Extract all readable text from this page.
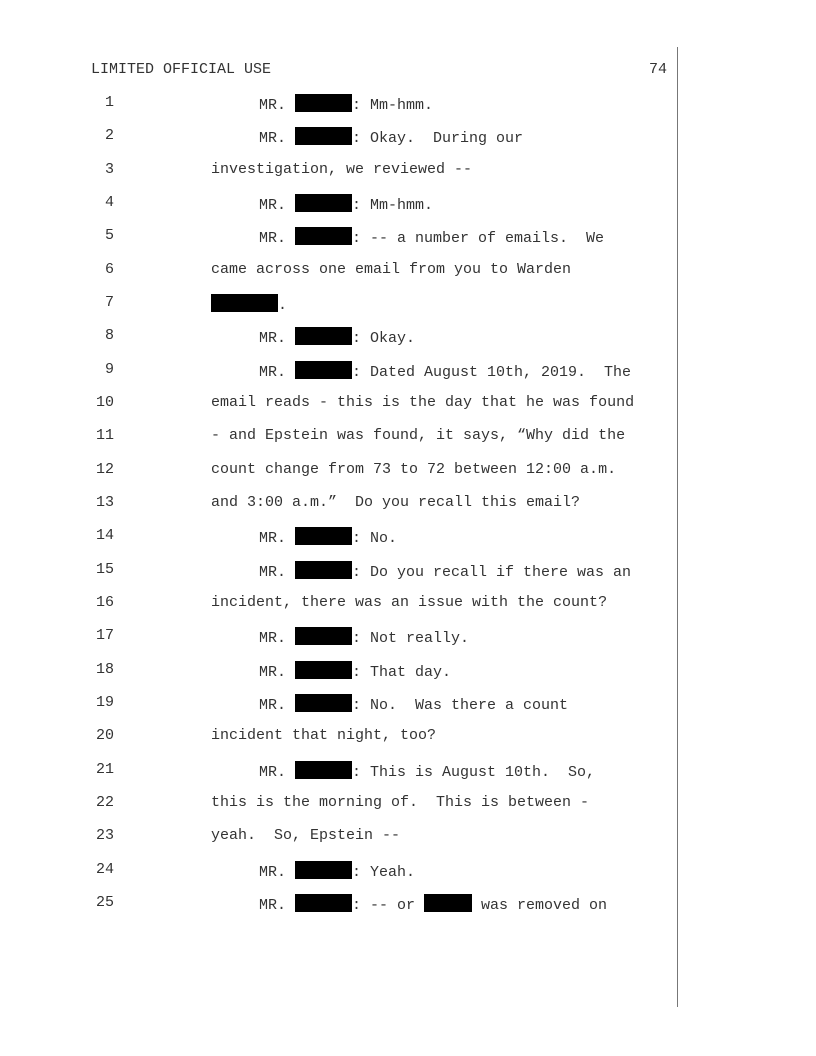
LIMITED OFFICIAL USE	74
1	MR.	: Mm-hmm.
2	MR.	: Okay.  During our
3	investigation, we reviewed --
4	MR.	: Mm-hmm.
5	MR.	: -- a number of emails.  We
6	came across one email from you to Warden
7	.
8	MR.	: Okay.
9	MR.	: Dated August 10th, 2019.  The
10	email reads - this is the day that he was found
11	- and Epstein was found, it says, “Why did the
12	count change from 73 to 72 between 12:00 a.m.
13	and 3:00 a.m.”  Do you recall this email?
14	MR.	: No.
15	MR.	: Do you recall if there was an
16	incident, there was an issue with the count?
17	MR.	: Not really.
18	MR.	: That day.
19	MR.	: No.  Was there a count
20	incident that night, too?
21	MR.	: This is August 10th.  So,
22	this is the morning of.  This is between -
23	yeah.  So, Epstein --
24	MR.	: Yeah.
25	MR.	: -- or	was removed on
